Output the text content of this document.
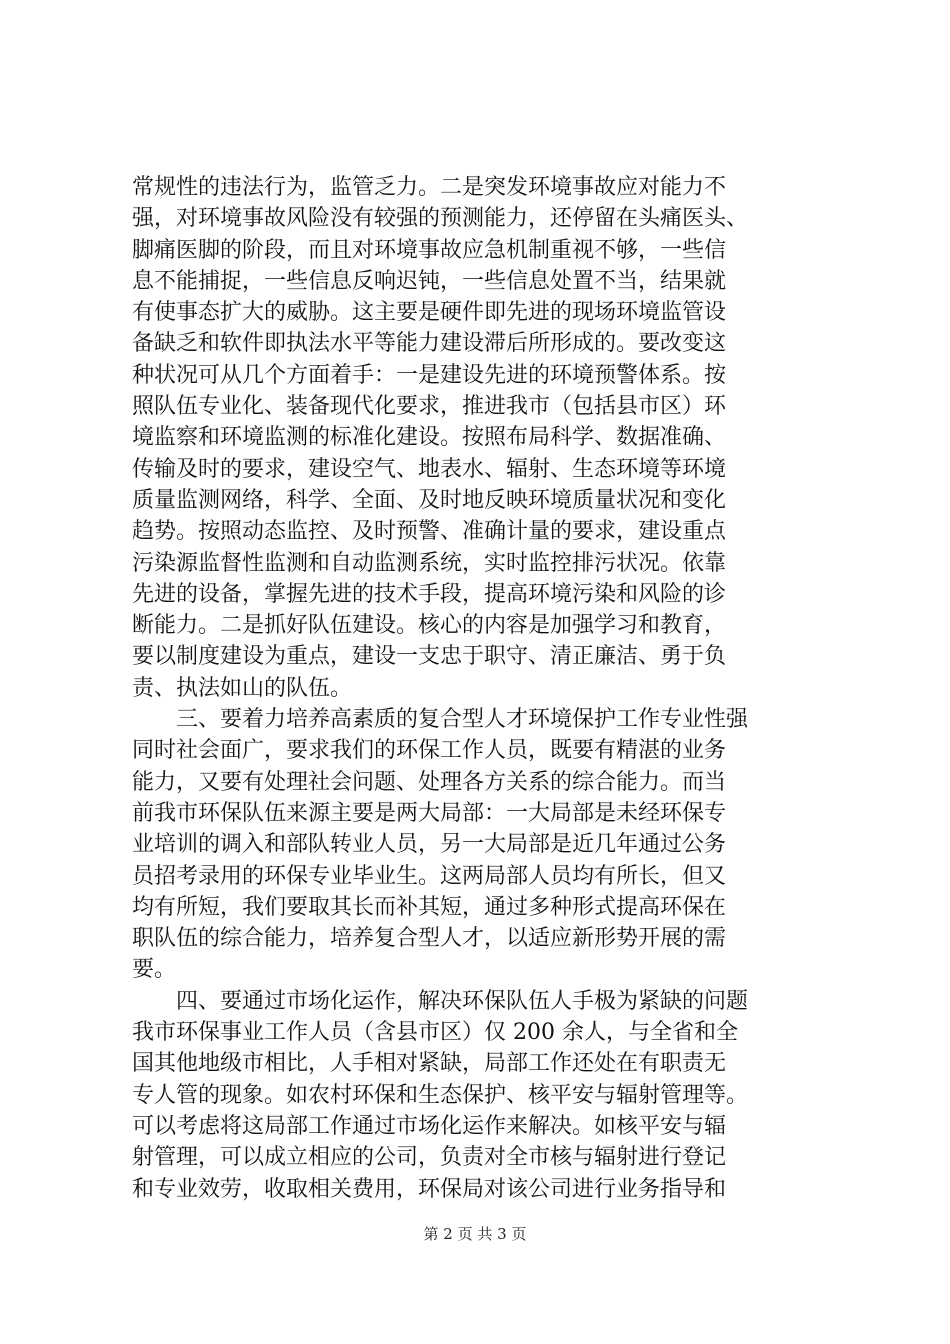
常规性的违法行为，监管乏力。二是突发环境事故应对能力不
强，对环境事故风险没有较强的预测能力，还停留在头痛医头、
脚痛医脚的阶段，而且对环境事故应急机制重视不够，一些信
息不能捕捉，一些信息反响迟钝，一些信息处置不当，结果就
有使事态扩大的威胁。这主要是硬件即先进的现场环境监管设
备缺乏和软件即执法水平等能力建设滞后所形成的。要改变这
种状况可从几个方面着手：一是建设先进的环境预警体系。按
照队伍专业化、装备现代化要求，推进我市（包括县市区）环
境监察和环境监测的标准化建设。按照布局科学、数据准确、
传输及时的要求，建设空气、地表水、辐射、生态环境等环境
质量监测网络，科学、全面、及时地反映环境质量状况和变化
趋势。按照动态监控、及时预警、准确计量的要求，建设重点
污染源监督性监测和自动监测系统，实时监控排污状况。依靠
先进的设备，掌握先进的技术手段，提高环境污染和风险的诊
断能力。二是抓好队伍建设。核心的内容是加强学习和教育，
要以制度建设为重点，建设一支忠于职守、清正廉洁、勇于负
责、执法如山的队伍。
　　三、要着力培养高素质的复合型人才环境保护工作专业性强
同时社会面广，要求我们的环保工作人员，既要有精湛的业务
能力，又要有处理社会问题、处理各方关系的综合能力。而当
前我市环保队伍来源主要是两大局部：一大局部是未经环保专
业培训的调入和部队转业人员，另一大局部是近几年通过公务
员招考录用的环保专业毕业生。这两局部人员均有所长，但又
均有所短，我们要取其长而补其短，通过多种形式提高环保在
职队伍的综合能力，培养复合型人才，以适应新形势开展的需
要。
　　四、要通过市场化运作，解决环保队伍人手极为紧缺的问题
我市环保事业工作人员（含县市区）仅 200 余人，与全省和全
国其他地级市相比，人手相对紧缺，局部工作还处在有职责无
专人管的现象。如农村环保和生态保护、核平安与辐射管理等。
可以考虑将这局部工作通过市场化运作来解决。如核平安与辐
射管理，可以成立相应的公司，负责对全市核与辐射进行登记
和专业效劳，收取相关费用，环保局对该公司进行业务指导和
第 2 页 共 3 页
